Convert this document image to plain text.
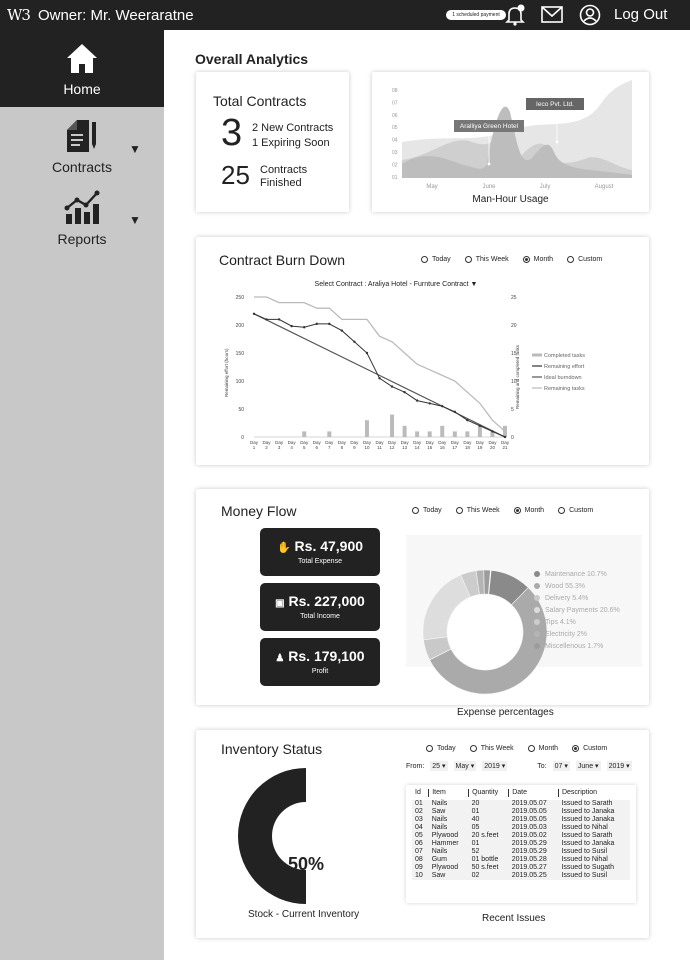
W3 Owner: Mr. Weeraratne	1 scheduled payment	Log Out
Home
Contracts
▼
Reports
▼
Overall Analytics
Total Contracts
3 2 New Contracts
1 Expiring Soon
25 Contracts
Finished
08
07
06
05
04
03
02
01
Aralliya Green Hotel
Ieco Pvt. Ltd.
May	June	July	August
Man-Hour Usage
Contract Burn Down	Today	This Week	Month	Custom
Select Contract : Araliya Hotel - Furnture Contract ▼
250
200
150
100
50
0
25
20
15
10
5
0
Remaining effort (hours)	Remaining and completed tasks
Day
1
Day
2
Day
3
Day
4
Day
5
Day
6
Day
7
Day
8
Day
9
Day
10
Day
11
Day
12
Day
13
Day
14
Day
15
Day
16
Day
17
Day
18
Day
19
Day
20
Day
21
Completed tasks
Remaining effort
Ideal burndown
Remaining tasks
Money Flow	Today	This Week	Month	Custom
✋ Rs. 47,900
Total Expense
▣ Rs. 227,000
Total Income
♟ Rs. 179,100
Profit
Maintenance 10.7%
Wood 55.3%
Delivery 5.4%
Salary Payments 20.6%
Tips 4.1%
Electricity 2%
Miscellenous 1.7%
Expense percentages
Inventory Status	Today	This Week	Month	Custom
From: 25 ▾ May ▾ 2019 ▾	To: 07 ▾ June ▾ 2019 ▾
50%
Stock - Current Inventory
Id	Item	Quantity	Date	Description
01	Nails	20	2019.05.07	Issued to Sarath
02	Saw	01	2019.05.05	Issued to Janaka
03	Nails	40	2019.05.05	Issued to Janaka
04	Nails	05	2019.05.03	Issued to Nihal
05	Plywood	20 s.feet	2019.05.02	Issued to Sarath
06	Hammer	01	2019.05.29	Issued to Janaka
07	Nails	52	2019.05.29	Issued to Susil
08	Gum	01 bottle	2019.05.28	Issued to Nihal
09	Plywood	50 s.feet	2019.05.27	Issued to Sugath
10	Saw	02	2019.05.25	Issued to Susil
Recent Issues
